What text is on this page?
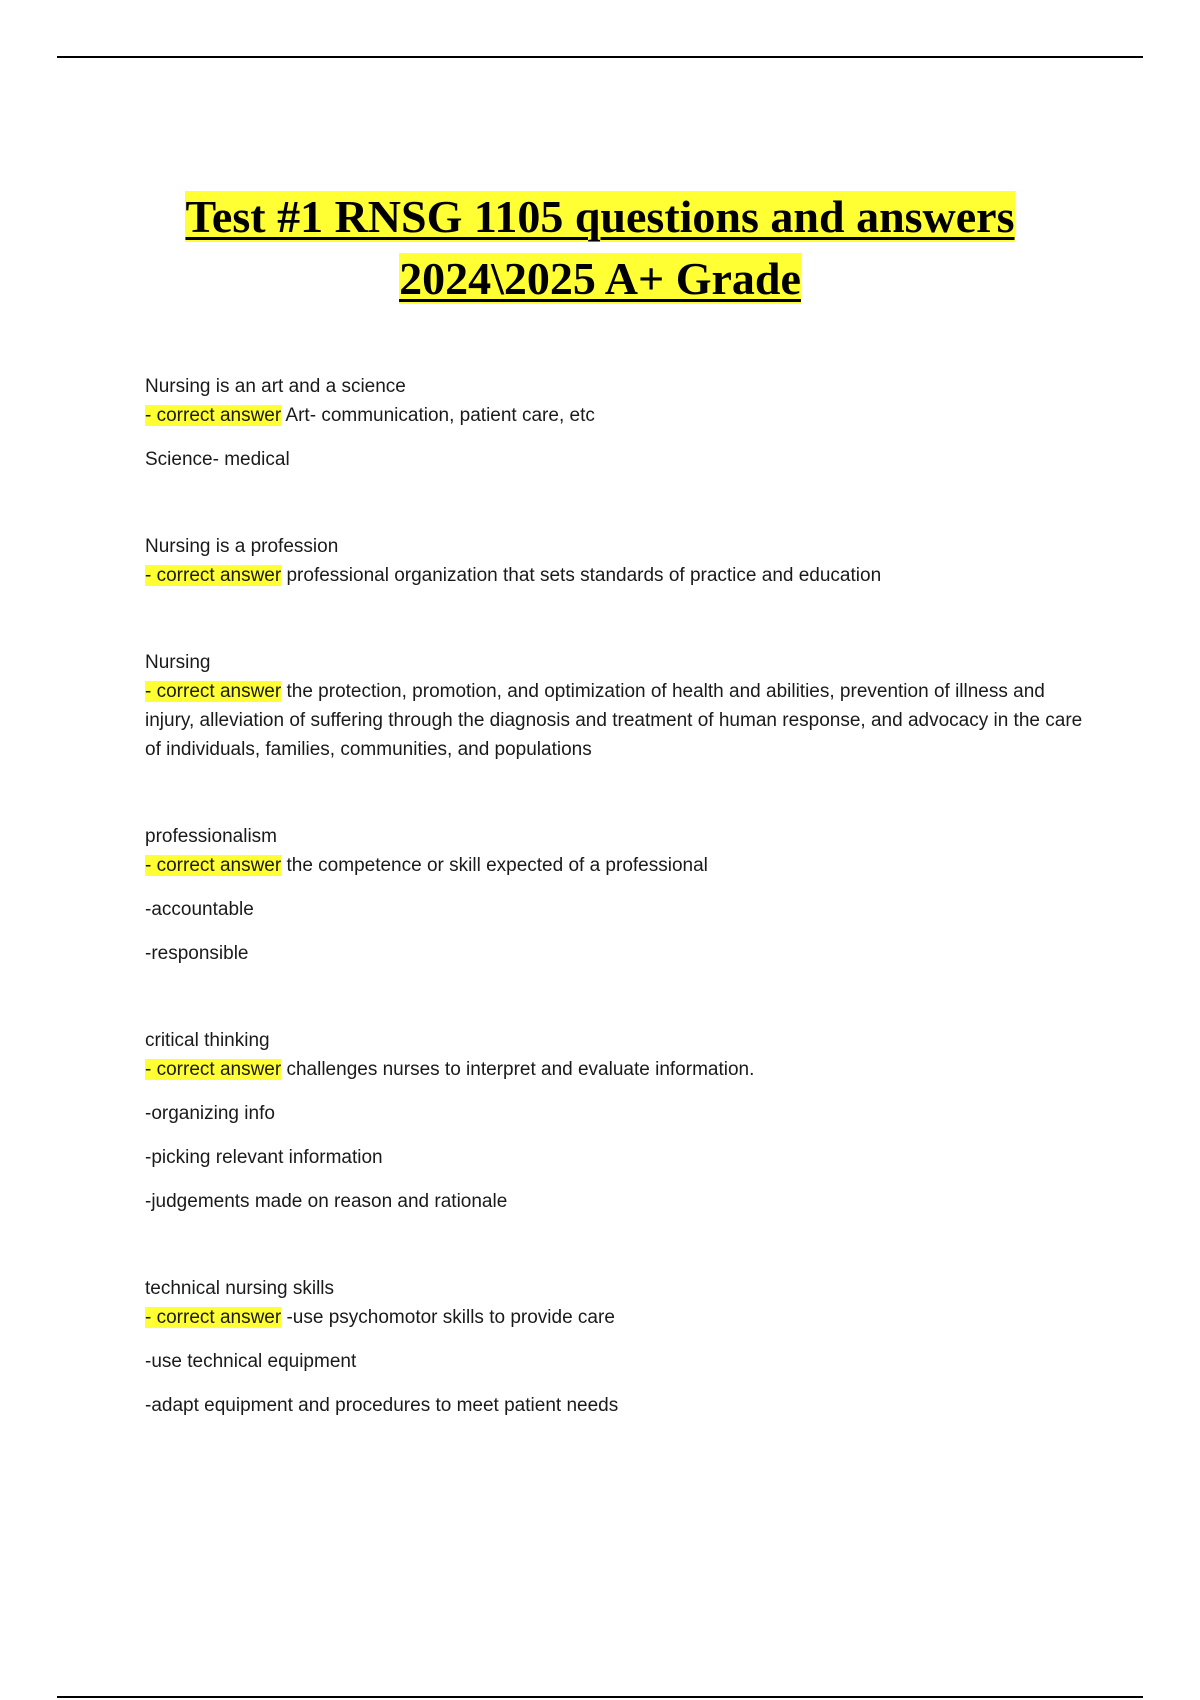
Test #1 RNSG 1105 questions and answers
2024\2025 A+ Grade

Nursing is an art and a science

- correct answer Art- communication, patient care, etc

Science- medical

Nursing is a profession

- correct answer professional organization that sets standards of practice and education

Nursing

- correct answer the protection, promotion, and optimization of health and abilities, prevention of illness and injury, alleviation of suffering through the diagnosis and treatment of human response, and advocacy in the care of individuals, families, communities, and populations

professionalism

- correct answer the competence or skill expected of a professional

-accountable

-responsible

critical thinking

- correct answer challenges nurses to interpret and evaluate information.

-organizing info

-picking relevant information

-judgements made on reason and rationale

technical nursing skills

- correct answer -use psychomotor skills to provide care

-use technical equipment

-adapt equipment and procedures to meet patient needs
